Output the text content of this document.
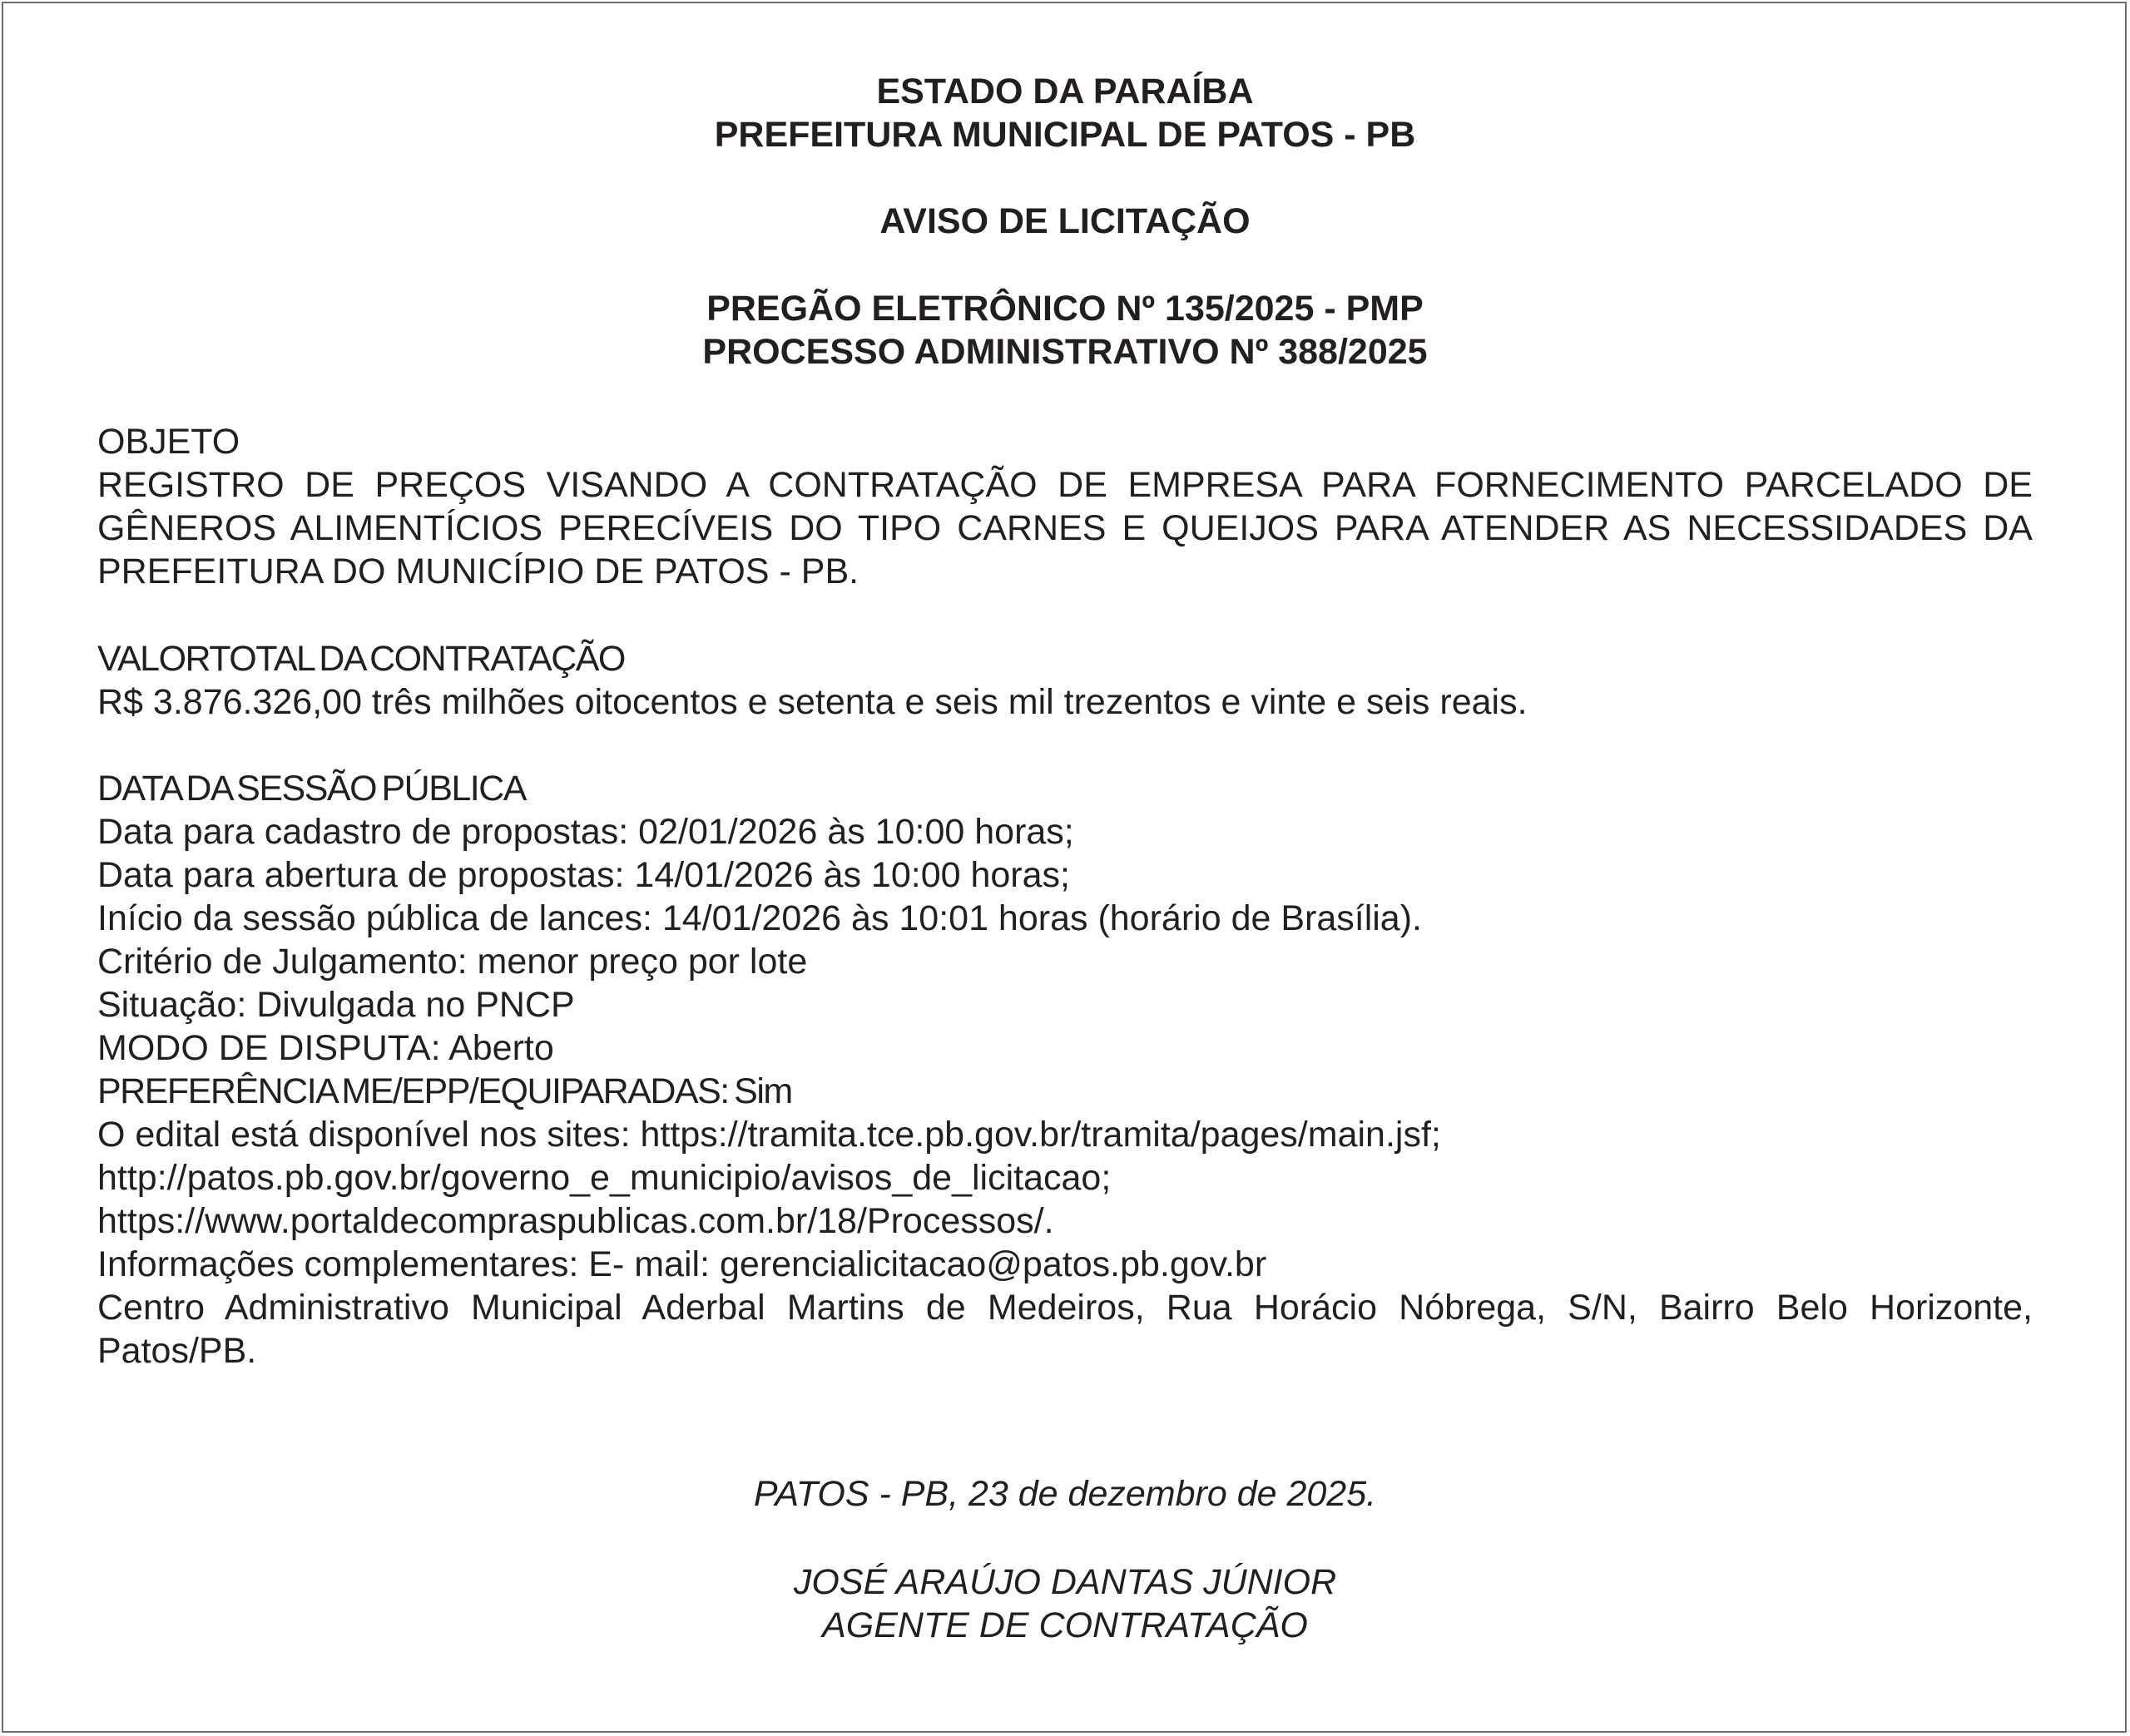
ESTADO DA PARAÍBA
PREFEITURA MUNICIPAL DE PATOS - PB
AVISO DE LICITAÇÃO
PREGÃO ELETRÔNICO Nº 135/2025 - PMP
PROCESSO ADMINISTRATIVO Nº 388/2025
OBJETO
REGISTRO DE PREÇOS VISANDO A CONTRATAÇÃO DE EMPRESA PARA FORNECIMENTO PARCELADO DE GÊNEROS ALIMENTÍCIOS PERECÍVEIS DO TIPO CARNES E QUEIJOS PARA ATENDER AS NECESSIDADES DA PREFEITURA DO MUNICÍPIO DE PATOS - PB.
VALORTOTAL DA CONTRATAÇÃO
R$ 3.876.326,00 três milhões oitocentos e setenta e seis mil trezentos e vinte e seis reais.
DATA DA SESSÃO PÚBLICA
Data para cadastro de propostas: 02/01/2026 às 10:00 horas;
Data para abertura de propostas: 14/01/2026 às 10:00 horas;
Início da sessão pública de lances: 14/01/2026 às 10:01 horas (horário de Brasília).
Critério de Julgamento: menor preço por lote
Situação: Divulgada no PNCP
MODO DE DISPUTA: Aberto
PREFERÊNCIA ME/EPP/EQUIPARADAS: Sim
O edital está disponível nos sites: https://tramita.tce.pb.gov.br/tramita/pages/main.jsf;
http://patos.pb.gov.br/governo_e_municipio/avisos_de_licitacao;
https://www.portaldecompraspublicas.com.br/18/Processos/.
Informações complementares: E- mail: gerencialicitacao@patos.pb.gov.br
Centro Administrativo Municipal Aderbal Martins de Medeiros, Rua Horácio Nóbrega, S/N, Bairro Belo Horizonte, Patos/PB.
PATOS - PB, 23 de dezembro de 2025.
JOSÉ ARAÚJO DANTAS JÚNIOR
AGENTE DE CONTRATAÇÃO
